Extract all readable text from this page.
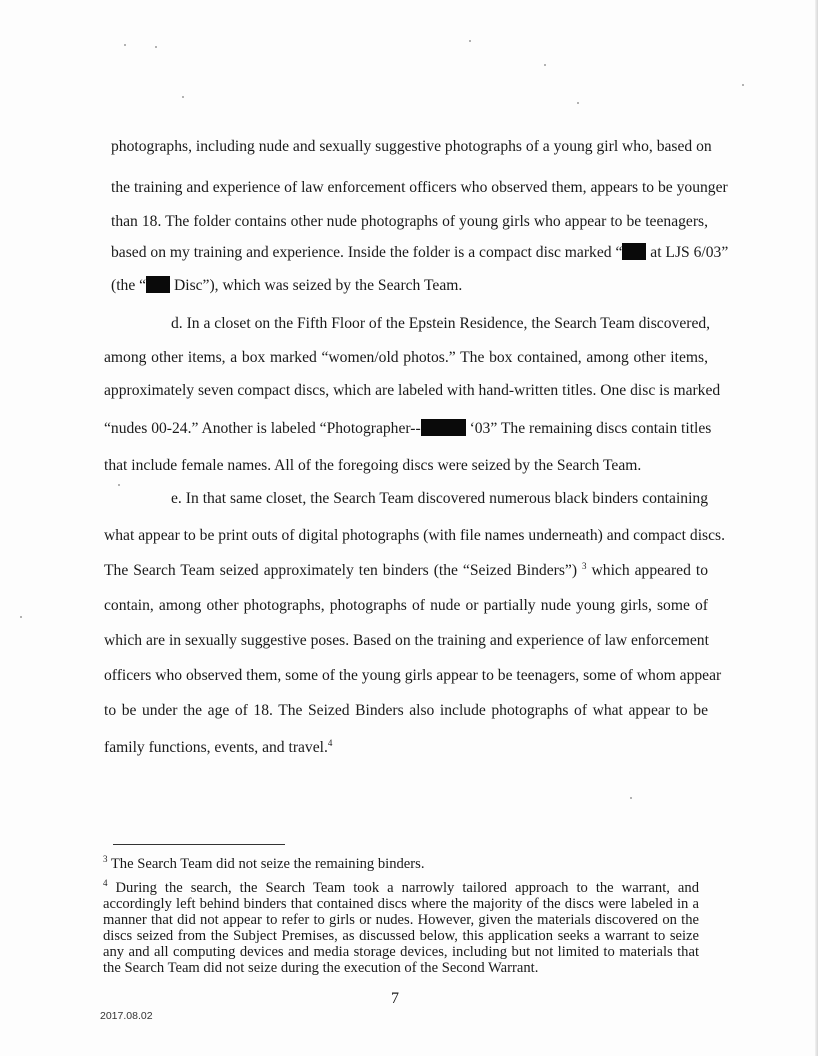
photographs, including nude and sexually suggestive photographs of a young girl who, based on
the training and experience of law enforcement officers who observed them, appears to be younger
than 18. The folder contains other nude photographs of young girls who appear to be teenagers,
based on my training and experience. Inside the folder is a compact disc marked “ at LJS 6/03”
(the “ Disc”), which was seized by the Search Team.
d. In a closet on the Fifth Floor of the Epstein Residence, the Search Team discovered,
among other items, a box marked “women/old photos.” The box contained, among other items,
approximately seven compact discs, which are labeled with hand-written titles. One disc is marked
“nudes 00-24.” Another is labeled “Photographer--	‘03” The remaining discs contain titles
that include female names. All of the foregoing discs were seized by the Search Team.
e. In that same closet, the Search Team discovered numerous black binders containing
what appear to be print outs of digital photographs (with file names underneath) and compact discs.
The Search Team seized approximately ten binders (the “Seized Binders”) $^3$ which appeared to
contain, among other photographs, photographs of nude or partially nude young girls, some of
which are in sexually suggestive poses. Based on the training and experience of law enforcement
officers who observed them, some of the young girls appear to be teenagers, some of whom appear
to be under the age of 18. The Seized Binders also include photographs of what appear to be
family functions, events, and travel.$^4$
$^3$ The Search Team did not seize the remaining binders.
$^4$ During the search, the Search Team took a narrowly tailored approach to the warrant, and accordingly left behind binders that contained discs where the majority of the discs were labeled in a manner that did not appear to refer to girls or nudes. However, given the materials discovered on the discs seized from the Subject Premises, as discussed below, this application seeks a warrant to seize any and all computing devices and media storage devices, including but not limited to materials that the Search Team did not seize during the execution of the Second Warrant.
7
2017.08.02
